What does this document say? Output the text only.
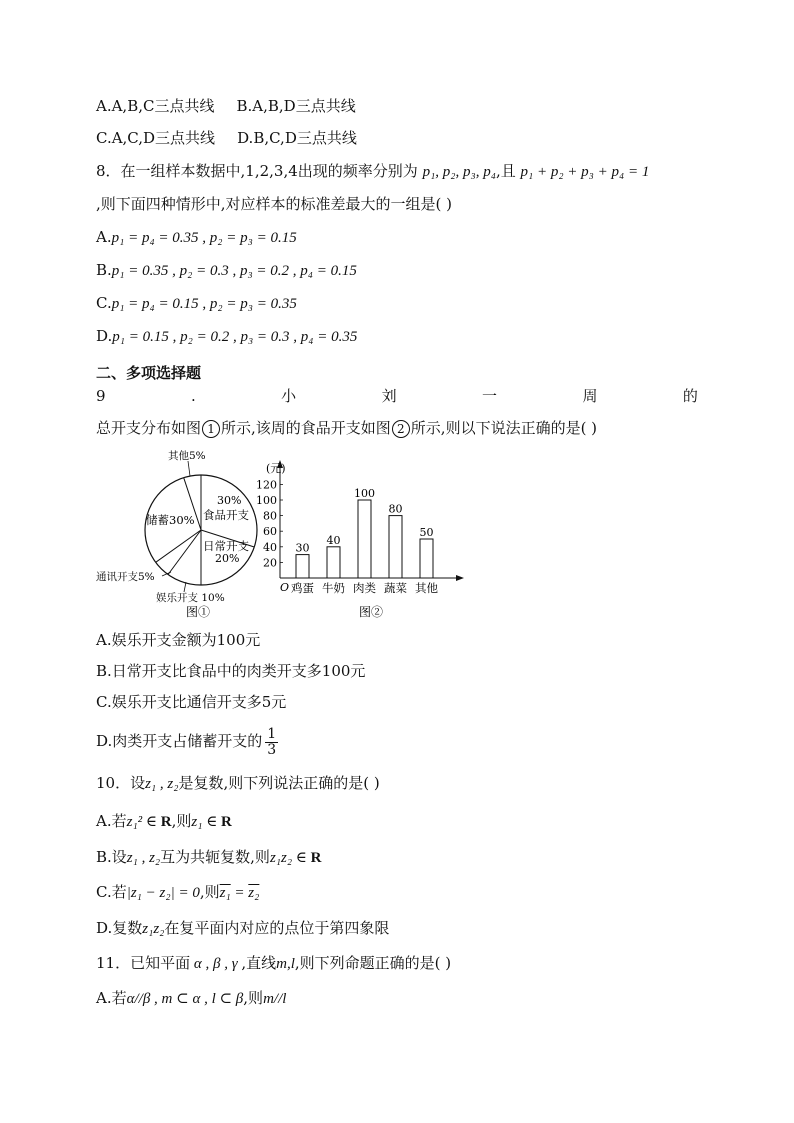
A.A,B,C三点共线 B.A,B,D三点共线
C.A,C,D三点共线 D.B,C,D三点共线
8．在一组样本数据中,1,2,3,4出现的频率分别为 p₁, p₂, p₃, p₄,且 p₁ + p₂ + p₃ + p₄ = 1
,则下面四种情形中,对应样本的标准差最大的一组是( )
A.p₁ = p₄ = 0.35 , p₂ = p₃ = 0.15
B.p₁ = 0.35 , p₂ = 0.3 , p₃ = 0.2 , p₄ = 0.15
C.p₁ = p₄ = 0.15 , p₂ = p₃ = 0.35
D.p₁ = 0.15 , p₂ = 0.2 , p₃ = 0.3 , p₄ = 0.35
二、多项选择题
9	.	小	刘	一	周	的
总开支分布如图 1 所示,该周的食品开支如图 2 所示,则以下说法正确的是( )
30%
食品开支
日常开支
20%
储蓄30%
其他5%
通讯开支5%
娱乐开支 10%
图①
(元)
O
20
40
60
80
100
120
30
鸡蛋
40
牛奶
100
肉类
80
蔬菜
50
其他
图②
A.娱乐开支金额为100元
B.日常开支比食品中的肉类开支多100元
C.娱乐开支比通信开支多5元
D.肉类开支占储蓄开支的 $\frac{1}{3}$
10．设z₁ , z₂是复数,则下列说法正确的是( )
A.若z₁² ∈ R,则z₁ ∈ R
B.设z₁ , z₂互为共轭复数,则z₁z₂ ∈ R
C.若|z₁ − z₂| = 0,则z₁ = z₂
D.复数z₁z₂在复平面内对应的点位于第四象限
11．已知平面 α , β , γ ,直线m,l,则下列命题正确的是( )
A.若α//β , m ⊂ α , l ⊂ β,则m//l
